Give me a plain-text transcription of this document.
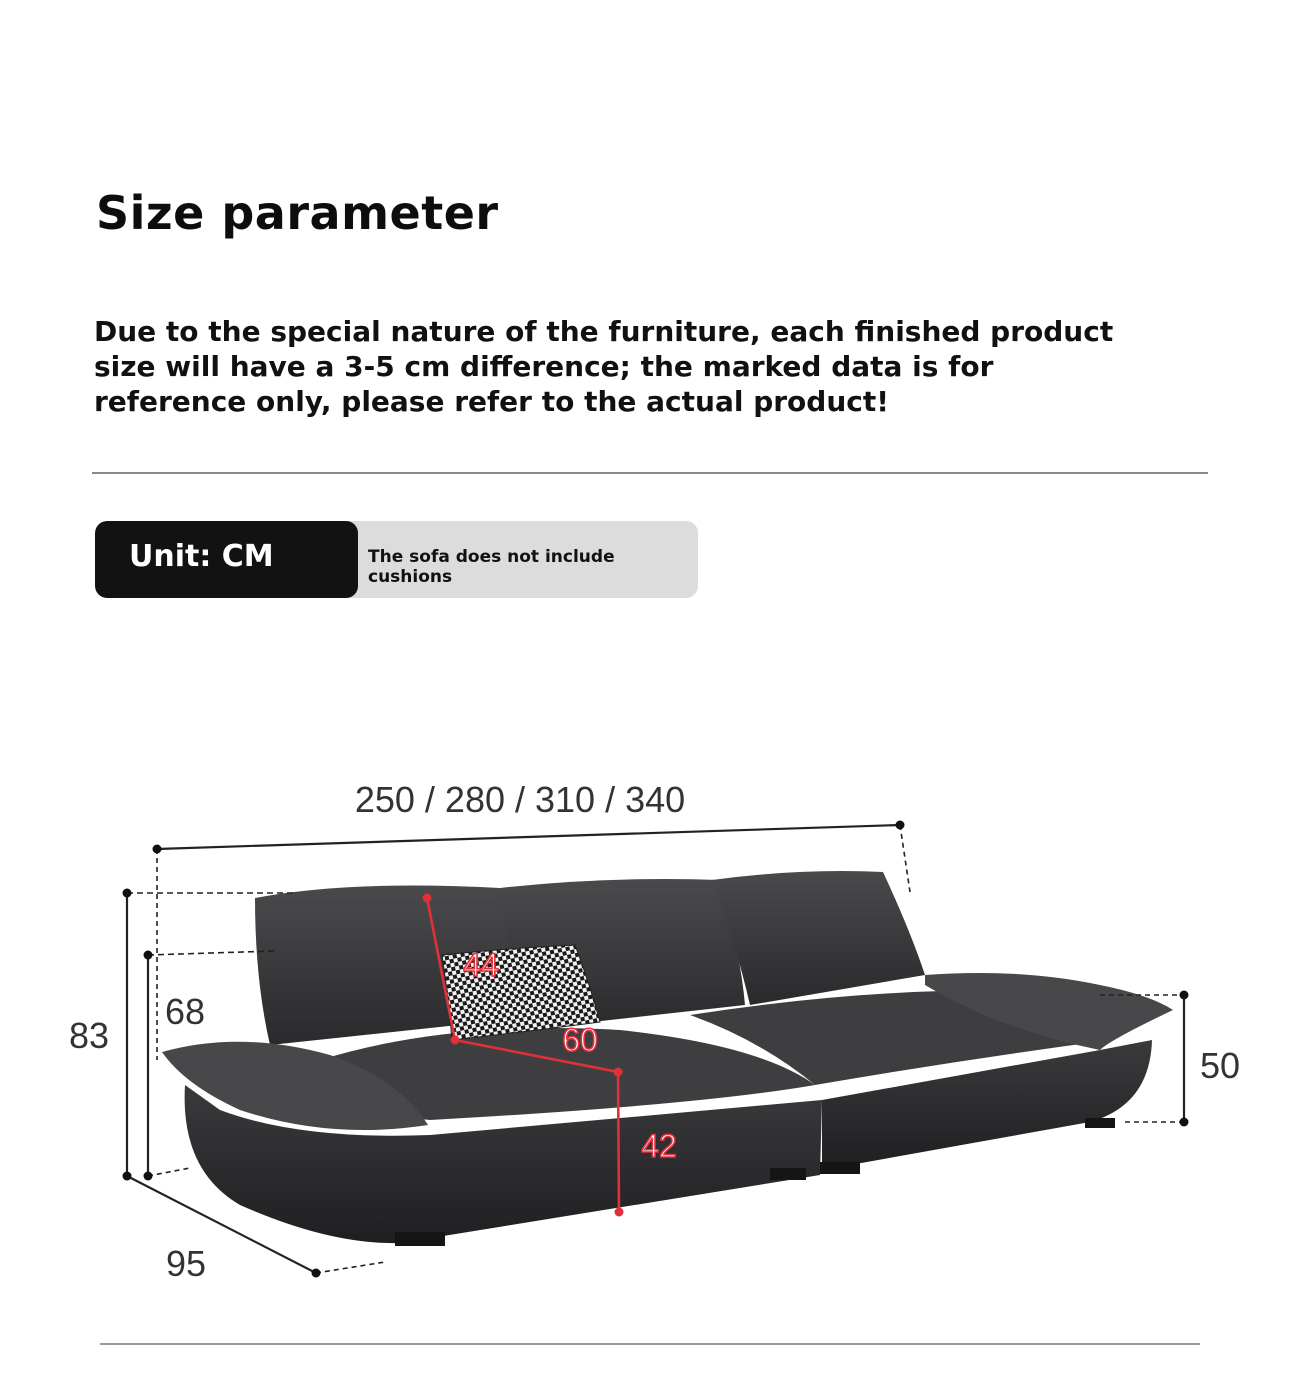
Size parameter

Due to the special nature of the furniture, each finished product size will have a 3-5 cm difference; the marked data is for reference only, please refer to the actual product!

Unit: CM	The sofa does not include cushions
250 / 280 / 310 / 340
83
68
95
50
44
60
42
